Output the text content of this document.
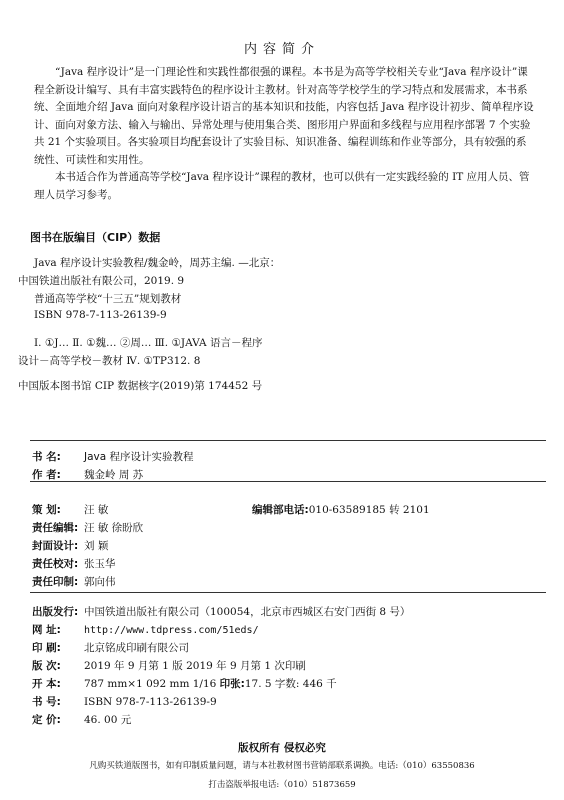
内容简介

“Java 程序设计”是一门理论性和实践性都很强的课程。本书是为高等学校相关专业“Java 程序设计”课程全新设计编写、具有丰富实践特色的程序设计主教材。针对高等学校学生的学习特点和发展需求，本书系统、全面地介绍 Java 面向对象程序设计语言的基本知识和技能，内容包括 Java 程序设计初步、简单程序设计、面向对象方法、输入与输出、异常处理与使用集合类、图形用户界面和多线程与应用程序部署 7 个实验共 21 个实验项目。各实验项目均配套设计了实验目标、知识准备、编程训练和作业等部分，具有较强的系统性、可读性和实用性。

本书适合作为普通高等学校“Java 程序设计”课程的教材，也可以供有一定实践经验的 IT 应用人员、管理人员学习参考。

图书在版编目（CIP）数据
Java 程序设计实验教程/魏金岭，周苏主编. —北京：
中国铁道出版社有限公司，2019. 9
普通高等学校“十三五”规划教材
ISBN 978-7-113-26139-9
Ⅰ. ①J… Ⅱ. ①魏… ②周… Ⅲ. ①JAVA 语言－程序
设计－高等学校－教材 Ⅳ. ①TP312. 8
中国版本图书馆 CIP 数据核字(2019)第 174452 号
书 名: Java 程序设计实验教程
作 者: 魏金岭 周 苏
策 划: 汪 敏	编辑部电话:010-63589185 转 2101
责任编辑: 汪 敏 徐盼欣
封面设计: 刘 颖
责任校对: 张玉华
责任印制: 郭向伟
出版发行: 中国铁道出版社有限公司（100054，北京市西城区右安门西街 8 号）
网 址: http://www.tdpress.com/51eds/
印 刷: 北京铭成印刷有限公司
版 次: 2019 年 9 月第 1 版 2019 年 9 月第 1 次印刷
开 本: 787 mm×1 092 mm 1/16 印张:17. 5 字数: 446 千
书 号: ISBN 978-7-113-26139-9
定 价: 46. 00 元
版权所有 侵权必究
凡购买铁道版图书，如有印制质量问题，请与本社教材图书营销部联系调换。电话:（010）63550836
打击盗版举报电话:（010）51873659
